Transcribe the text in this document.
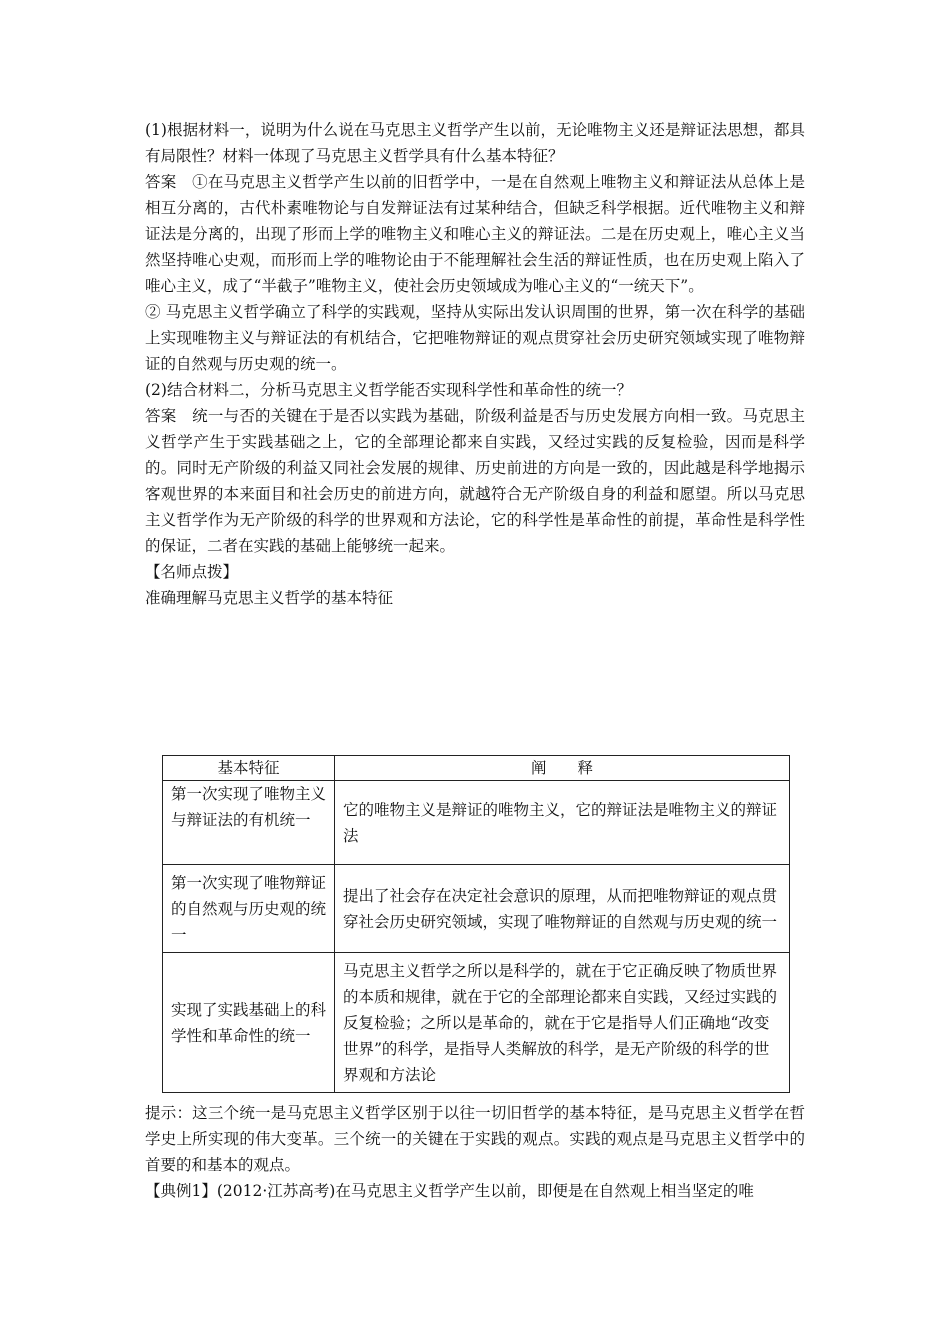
(1)根据材料一，说明为什么说在马克思主义哲学产生以前，无论唯物主义还是辩证法思想，都具有局限性？材料一体现了马克思主义哲学具有什么基本特征？

答案　①在马克思主义哲学产生以前的旧哲学中，一是在自然观上唯物主义和辩证法从总体上是相互分离的，古代朴素唯物论与自发辩证法有过某种结合，但缺乏科学根据。近代唯物主义和辩证法是分离的，出现了形而上学的唯物主义和唯心主义的辩证法。二是在历史观上，唯心主义当然坚持唯心史观，而形而上学的唯物论由于不能理解社会生活的辩证性质，也在历史观上陷入了唯心主义，成了“半截子”唯物主义，使社会历史领域成为唯心主义的“一统天下”。

② 马克思主义哲学确立了科学的实践观，坚持从实际出发认识周围的世界，第一次在科学的基础上实现唯物主义与辩证法的有机结合，它把唯物辩证的观点贯穿社会历史研究领域实现了唯物辩证的自然观与历史观的统一。

(2)结合材料二，分析马克思主义哲学能否实现科学性和革命性的统一？

答案　统一与否的关键在于是否以实践为基础，阶级利益是否与历史发展方向相一致。马克思主义哲学产生于实践基础之上，它的全部理论都来自实践，又经过实践的反复检验，因而是科学的。同时无产阶级的利益又同社会发展的规律、历史前进的方向是一致的，因此越是科学地揭示客观世界的本来面目和社会历史的前进方向，就越符合无产阶级自身的利益和愿望。所以马克思主义哲学作为无产阶级的科学的世界观和方法论，它的科学性是革命性的前提，革命性是科学性的保证，二者在实践的基础上能够统一起来。

【名师点拨】

准确理解马克思主义哲学的基本特征

基本特征	阐　　释
第一次实现了唯物主义与辩证法的有机统一	它的唯物主义是辩证的唯物主义，它的辩证法是唯物主义的辩证法
第一次实现了唯物辩证的自然观与历史观的统一	提出了社会存在决定社会意识的原理，从而把唯物辩证的观点贯穿社会历史研究领域，实现了唯物辩证的自然观与历史观的统一
实现了实践基础上的科学性和革命性的统一	马克思主义哲学之所以是科学的，就在于它正确反映了物质世界的本质和规律，就在于它的全部理论都来自实践，又经过实践的反复检验；之所以是革命的，就在于它是指导人们正确地“改变世界”的科学，是指导人类解放的科学，是无产阶级的科学的世界观和方法论

提示：这三个统一是马克思主义哲学区别于以往一切旧哲学的基本特征，是马克思主义哲学在哲学史上所实现的伟大变革。三个统一的关键在于实践的观点。实践的观点是马克思主义哲学中的首要的和基本的观点。

【典例1】(2012·江苏高考)在马克思主义哲学产生以前，即便是在自然观上相当坚定的唯
